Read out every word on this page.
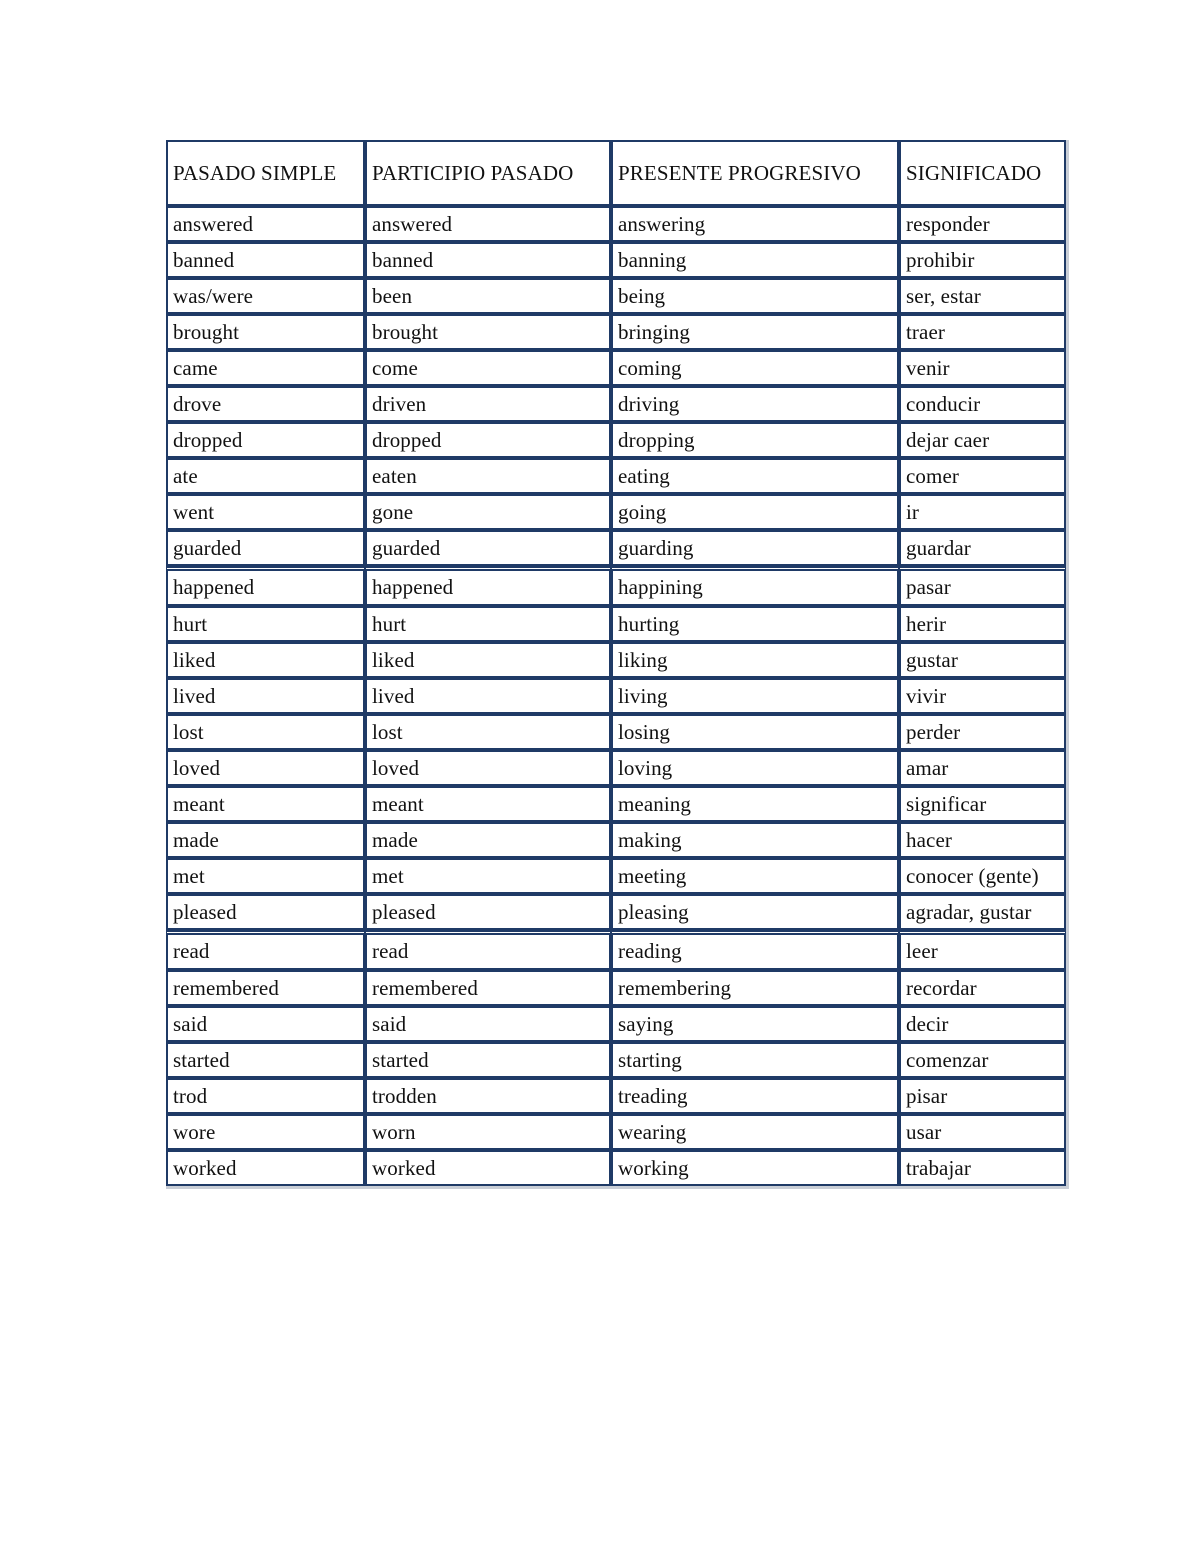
PASADO SIMPLE	PARTICIPIO PASADO	PRESENTE PROGRESIVO	SIGNIFICADO
answered	answered	answering	responder
banned	banned	banning	prohibir
was/were	been	being	ser, estar
brought	brought	bringing	traer
came	come	coming	venir
drove	driven	driving	conducir
dropped	dropped	dropping	dejar caer
ate	eaten	eating	comer
went	gone	going	ir
guarded	guarded	guarding	guardar
happened	happened	happining	pasar
hurt	hurt	hurting	herir
liked	liked	liking	gustar
lived	lived	living	vivir
lost	lost	losing	perder
loved	loved	loving	amar
meant	meant	meaning	significar
made	made	making	hacer
met	met	meeting	conocer (gente)
pleased	pleased	pleasing	agradar, gustar
read	read	reading	leer
remembered	remembered	remembering	recordar
said	said	saying	decir
started	started	starting	comenzar
trod	trodden	treading	pisar
wore	worn	wearing	usar
worked	worked	working	trabajar
